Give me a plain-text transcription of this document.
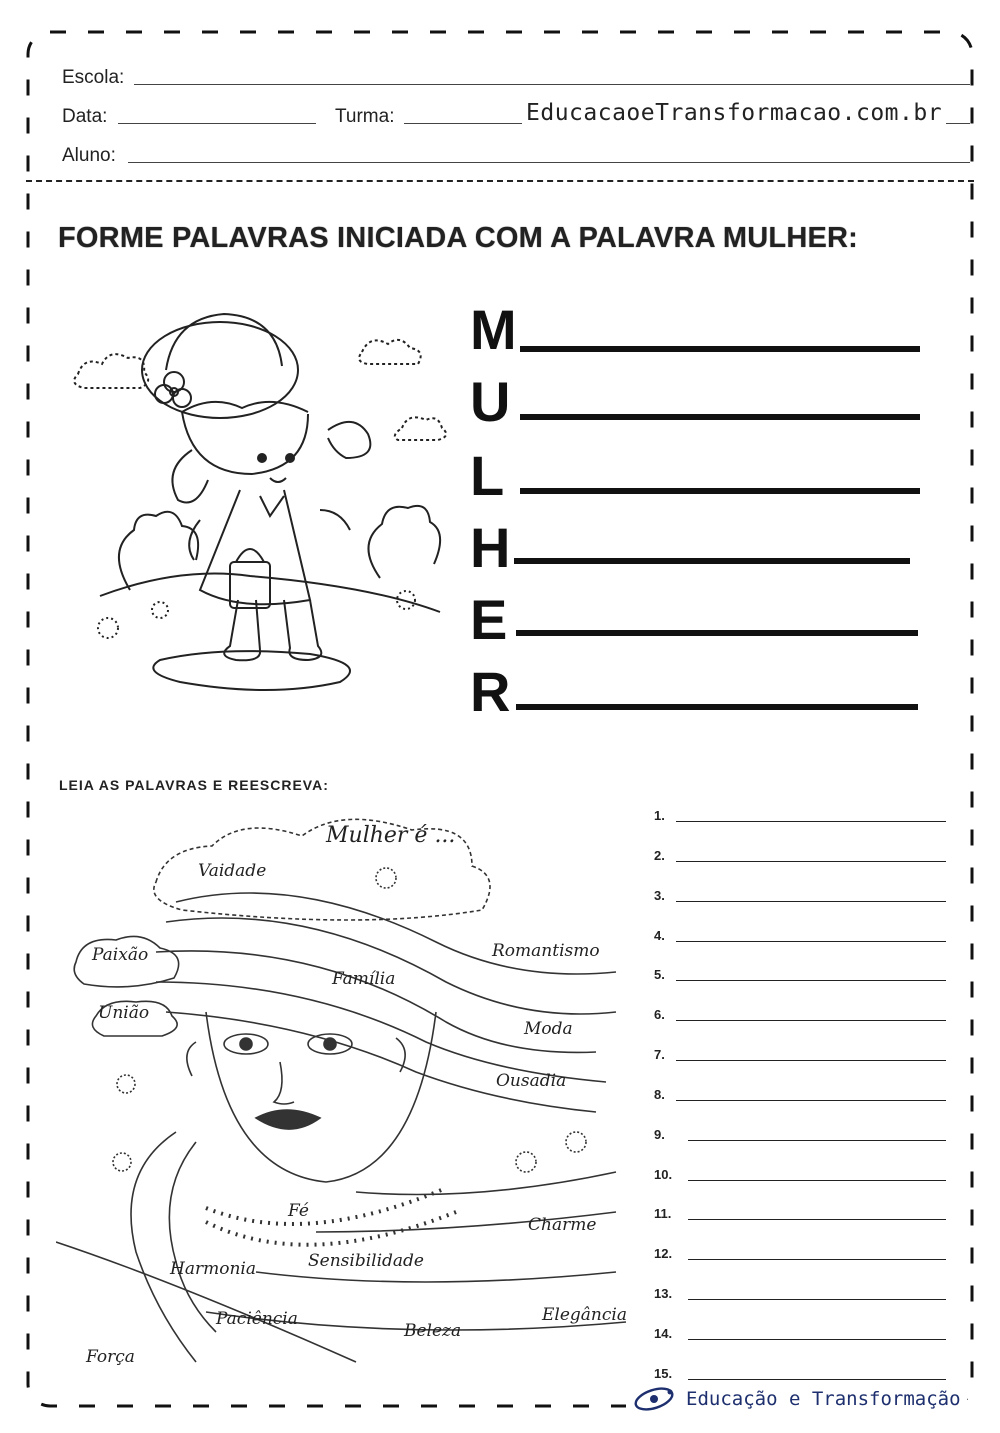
Escola:
Data:	Turma:	EducacaoeTransformacao.com.br
Aluno:
FORME PALAVRAS INICIADA COM A PALAVRA MULHER:
M
U
L
H
E
R
LEIA AS PALAVRAS E REESCREVA:
Mulher é ...
Vaidade
Paixão	Romantismo
Família
União
Moda
Ousadia
Fé
Charme
Harmonia	Sensibilidade
Paciência
Beleza
Elegância
Força
1.
2.
3.
4.
5.
6.
7.
8.
9.
10.
11.
12.
13.
14.
15.
Educação e Transformação
